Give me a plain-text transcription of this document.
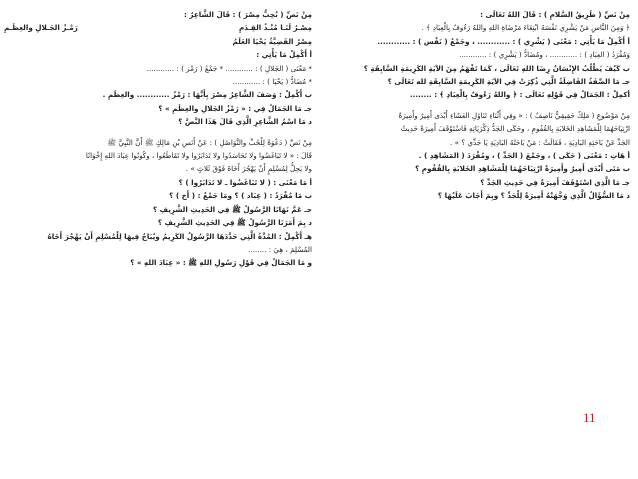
مِنْ نَصِّ ( طَرِيقُ السَّلامِ ) : قَالَ اللهُ تَعَالَى :
﴿ وَمِنَ النَّاسِ مَنْ يَشْرِي نَفْسَهُ ابْتِغَاءَ مَرْضَاةِ اللهِ واللهُ رَءُوفٌ بِالْعِبَادِ ﴾ .
أ أَكْمِلْ مَا يَأْتِي : مَعْنَى ( يَشْرِي ) : ............ ، وجَمْعُ ( نَفْس ) : ............
وَمُفْرَدُ ( العِبَادِ ) : ............ ، ومُضَادُّ ( يَشْرِي ) : ............
ب كَيْفَ يَطْلُبُ الإِنْسَانُ رِضَا اللهِ تَعَالَى ، كَمَا تَفْهَمُ مِنَ الآيَةِ الكَرِيمَةِ السَّابِقَةِ ؟
جـ مَا الصِّفَةُ الفَاضِلَةُ الَّتِي ذُكِرَتْ فِي الآيَةِ الكَرِيمَةِ السَّابِقَةِ لله تَعَالَى ؟
أكمِلْ : الجَمَالُ فِي قَوْلِهِ تَعَالَى : ﴿ واللهُ رَءُوفٌ بِالْعِبَادِ ﴾ : ........
مِنْ مَوْضُوعِ ( مَلِكٌ حَقِيقِيٌّ نَاصِفٌ ) : « وفِي أَثْنَاءِ تَنَاوُلِ العَشَاءِ أَبْدَى أَمِيرٌ وأَمِيرَةٌ
ارْتِيَاحَهُمَا لِلْمَشَاهِدِ الخَلابَةِ بِالقُفُومِ ، وحَكَى الجَدُّ ذِكْرَيَاتِهِ فَاسْتَوْقَفَ أَمِيرَةٌ حَدِيثُ
الجَدِّ عَنْ بَاحَتِهِ البَادِيَةِ ، فَقَالَتْ : مَنْ بَاحَتُهُ البَادِيَةِ يَا جَدِّي ؟ » .
أ هَاتِ : مَعْنَى ( حَكَى ) ، وجَمْعَ ( الجَدِّ ) ، ومُفْرَدَ ( المَشَاهِدِ ) .
ب مَتَى أَبْدَى أَمِيرٌ وأَمِيرَةٌ ارْتِيَاحَهُمَا لِلْمَشَاهِدِ الخَلابَةِ بِالقُفُومِ ؟
جـ مَا الَّذِي اسْتَوْقَفَ أَمِيرَةٌ فِي حَدِيثِ الجَدِّ ؟
د مَا السُّؤَالُ الَّذِي وَجَّهَتْهُ أَمِيرَةٌ لِلْجَدِّ ؟ وبِمَ أَجَابَ عَلَيْهَا ؟
مِنْ نَصِّ ( نُحِبُّ مِصْرَ ) : قَالَ الشَّاعِرُ :
مِصْـرُ لَنَـا مُنْـذُ القِـدَمِ
رَمْـزُ الجَـلالِ والعِظَـمِ
مِصْرُ الفَضِيَّةُ يَحْيَا العَلَمُ
أ أَكْمِلْ مَا يَأْتِي :
* مَعْنَى ( الجَلالِ ) : ............ * جَمْعُ ( رَمْز ) : ............
* مُضَادُّ ( يَحْيَا ) : ............
ب أَكْمِلْ : وَصَفَ الشَّاعِرُ مِصْرَ بِأَنَّهَا : رَمْزُ ............ والعِظَمِ .
جـ مَا الجَمَالُ فِي : « رَمْزُ الجَلالِ والعِظَمِ » ؟
د مَا اسْمُ الشَّاعِرِ الَّذِي قَالَ هَذَا النَّصَّ ؟
مِنْ نَصِّ ( دَعْوَةٌ لِلْحُبِّ والتَّوَاصُلِ ) : عَنْ أَنَسِ بْنِ مَالِكٍ ﷺ أَنَّ النَّبِيَّ ﷺ
قَالَ : « لا تَبَاغَضُوا ولا تَحَاسَدُوا ولا تَدَابَرُوا ولا تَقَاطَعُوا ، وكُونُوا عِبَادَ اللهِ إِخْوَانًا
ولا يَحِلُّ لِمُسْلِمٍ أَنْ يَهْجُرَ أَخَاهُ فَوْقَ ثَلاثٍ » .
أ مَا مَعْنَى : ( لا تَبَاغَضُوا ـ لا تَدَابَرُوا ) ؟
ب مَا مُفْرَدُ : ( عِبَاد ) ؟ ومَا جَمْعُ : ( أَخ ) ؟
جـ عَمَّ نَهَانَا الرَّسُولُ ﷺ فِي الحَدِيثِ الشَّرِيفِ ؟
د بِمَ أَمَرَنَا الرَّسُولُ ﷺ فِي الحَدِيثِ الشَّرِيفِ ؟
هـ أَكْمِلْ : المُدَّةُ الَّتِي حَدَّدَهَا الرَّسُولُ الكَرِيمُ ويُبَاحُ فِيهَا لِلْمُسْلِمِ أَنْ يَهْجُرَ أَخَاهُ
المُسْلِمَ ، هِيَ : ........
و مَا الجَمَالُ فِي قَوْلِ رَسُولِ اللهِ ﷺ : « عِبَادَ اللهِ » ؟
11
